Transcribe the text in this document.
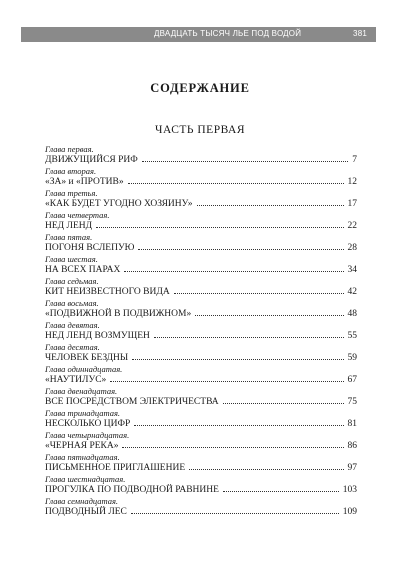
ДВАДЦАТЬ ТЫСЯЧ ЛЬЕ ПОД ВОДОЙ	381
СОДЕРЖАНИЕ
ЧАСТЬ ПЕРВАЯ
Глава первая.
ДВИЖУЩИЙСЯ РИФ	7
Глава вторая.
«ЗА» и «ПРОТИВ»	12
Глава третья.
«КАК БУДЕТ УГОДНО ХОЗЯИНУ»	17
Глава четвертая.
НЕД ЛЕНД	22
Глава пятая.
ПОГОНЯ ВСЛЕПУЮ	28
Глава шестая.
НА ВСЕХ ПАРАХ	34
Глава седьмая.
КИТ НЕИЗВЕСТНОГО ВИДА	42
Глава восьмая.
«ПОДВИЖНОЙ В ПОДВИЖНОМ»	48
Глава девятая.
НЕД ЛЕНД ВОЗМУЩЕН	55
Глава десятая.
ЧЕЛОВЕК БЕЗДНЫ	59
Глава одиннадцатая.
«НАУТИЛУС»	67
Глава двенадцатая.
ВСЕ ПОСРЕДСТВОМ ЭЛЕКТРИЧЕСТВА	75
Глава тринадцатая.
НЕСКОЛЬКО ЦИФР	81
Глава четырнадцатая.
«ЧЕРНАЯ РЕКА»	86
Глава пятнадцатая.
ПИСЬМЕННОЕ ПРИГЛАШЕНИЕ	97
Глава шестнадцатая.
ПРОГУЛКА ПО ПОДВОДНОЙ РАВНИНЕ	103
Глава семнадцатая.
ПОДВОДНЫЙ ЛЕС	109
